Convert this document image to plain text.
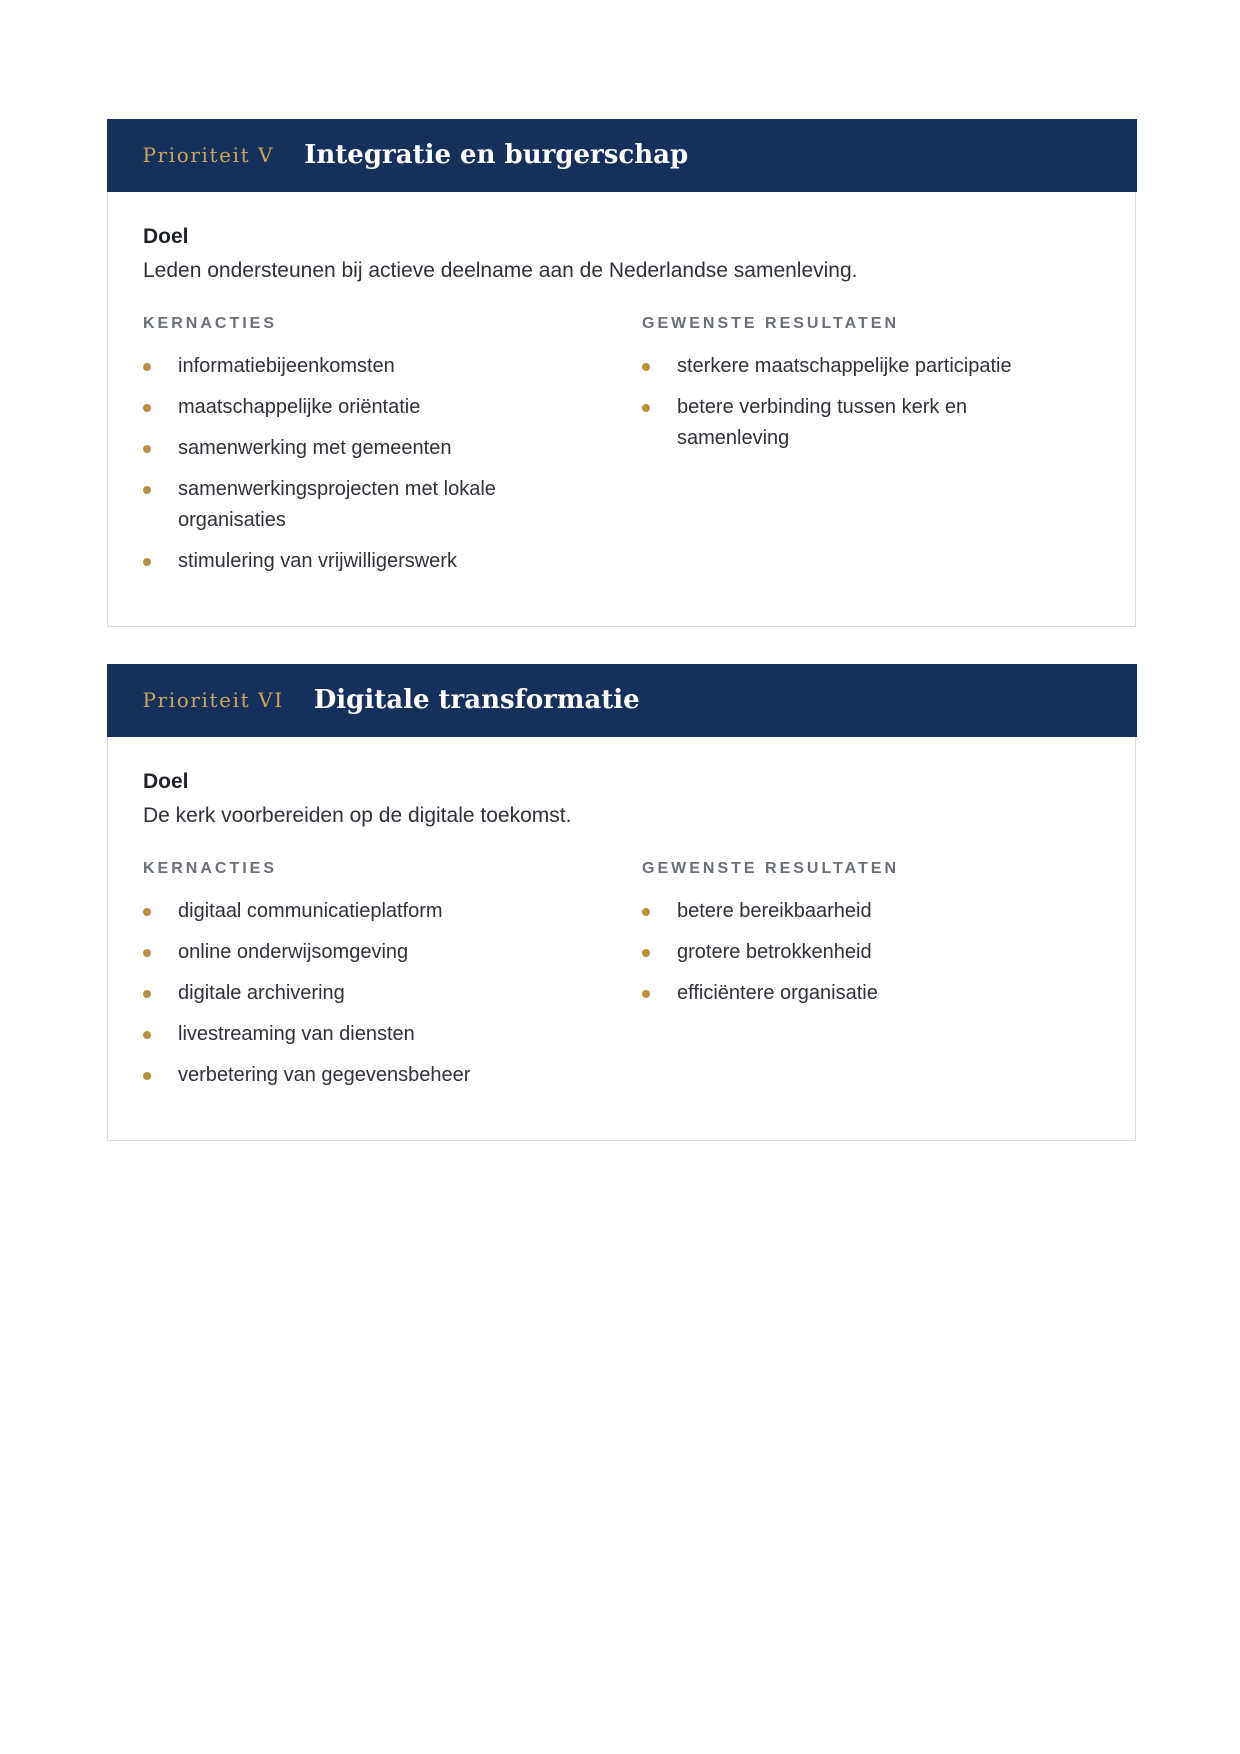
Prioriteit V Integratie en burgerschap
Doel
Leden ondersteunen bij actieve deelname aan de Nederlandse samenleving.
KERNACTIES
informatiebijeenkomsten
maatschappelijke oriëntatie
samenwerking met gemeenten
samenwerkingsprojecten met lokale organisaties
stimulering van vrijwilligerswerk
GEWENSTE RESULTATEN
sterkere maatschappelijke participatie
betere verbinding tussen kerk en samenleving
Prioriteit VI Digitale transformatie
Doel
De kerk voorbereiden op de digitale toekomst.
KERNACTIES
digitaal communicatieplatform
online onderwijsomgeving
digitale archivering
livestreaming van diensten
verbetering van gegevensbeheer
GEWENSTE RESULTATEN
betere bereikbaarheid
grotere betrokkenheid
efficiëntere organisatie
